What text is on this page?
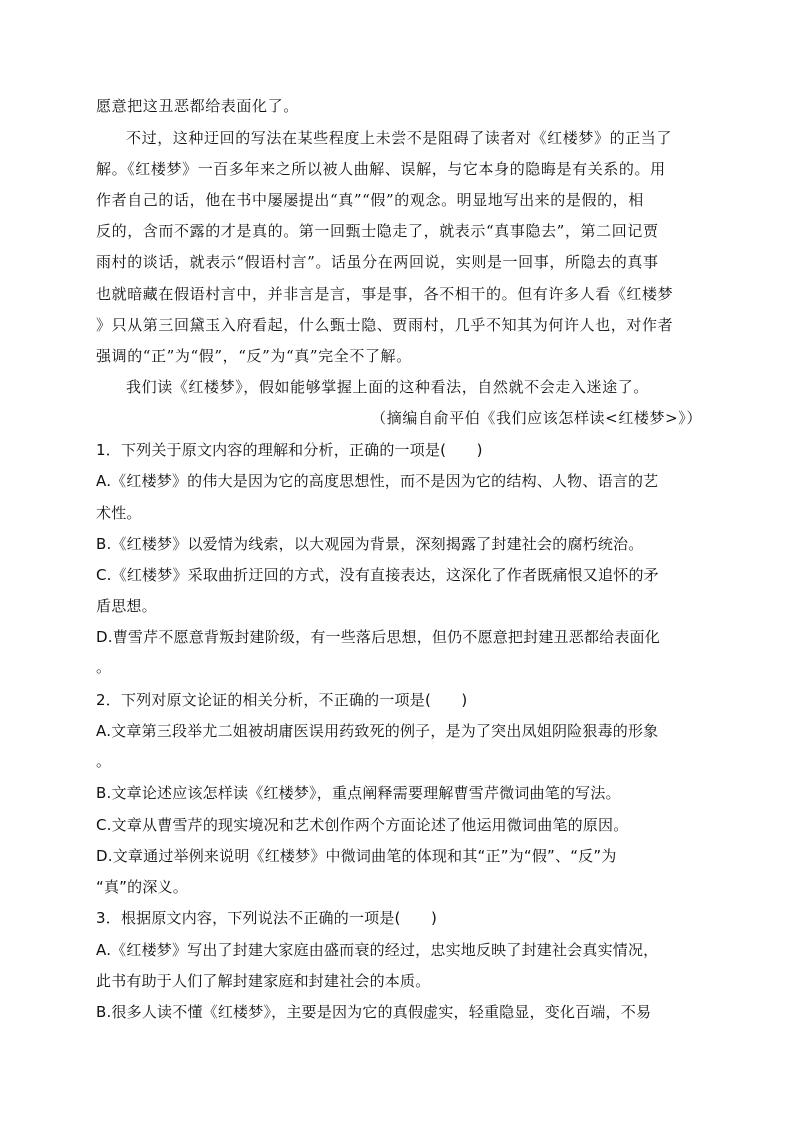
愿意把这丑恶都给表面化了。
不过，这种迂回的写法在某些程度上未尝不是阻碍了读者对《红楼梦》的正当了
解。《红楼梦》一百多年来之所以被人曲解、误解，与它本身的隐晦是有关系的。用
作者自己的话，他在书中屡屡提出“真”“假”的观念。明显地写出来的是假的，相
反的，含而不露的才是真的。第一回甄士隐走了，就表示“真事隐去”，第二回记贾
雨村的谈话，就表示“假语村言”。话虽分在两回说，实则是一回事，所隐去的真事
也就暗藏在假语村言中，并非言是言，事是事，各不相干的。但有许多人看《红楼梦
》只从第三回黛玉入府看起，什么甄士隐、贾雨村，几乎不知其为何许人也，对作者
强调的“正”为“假”，“反”为“真”完全不了解。
我们读《红楼梦》，假如能够掌握上面的这种看法，自然就不会走入迷途了。
（摘编自俞平伯《我们应该怎样读<红楼梦>》）
1．下列关于原文内容的理解和分析，正确的一项是(　　)
A.《红楼梦》的伟大是因为它的高度思想性，而不是因为它的结构、人物、语言的艺
术性。
B.《红楼梦》以爱情为线索，以大观园为背景，深刻揭露了封建社会的腐朽统治。
C.《红楼梦》采取曲折迂回的方式，没有直接表达，这深化了作者既痛恨又追怀的矛
盾思想。
D.曹雪芹不愿意背叛封建阶级，有一些落后思想，但仍不愿意把封建丑恶都给表面化
。
2．下列对原文论证的相关分析，不正确的一项是(　　)
A.文章第三段举尤二姐被胡庸医误用药致死的例子，是为了突出凤姐阴险狠毒的形象
。
B.文章论述应该怎样读《红楼梦》，重点阐释需要理解曹雪芹微词曲笔的写法。
C.文章从曹雪芹的现实境况和艺术创作两个方面论述了他运用微词曲笔的原因。
D.文章通过举例来说明《红楼梦》中微词曲笔的体现和其“正”为“假”、“反”为
“真”的深义。
3．根据原文内容，下列说法不正确的一项是(　　)
A.《红楼梦》写出了封建大家庭由盛而衰的经过，忠实地反映了封建社会真实情况，
此书有助于人们了解封建家庭和封建社会的本质。
B.很多人读不懂《红楼梦》，主要是因为它的真假虚实，轻重隐显，变化百端，不易
